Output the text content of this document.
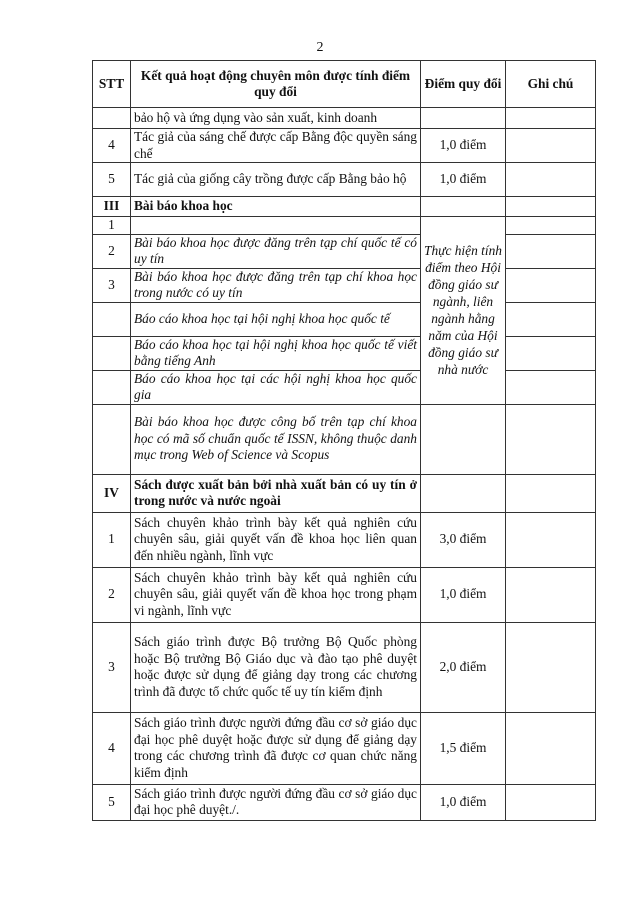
2
STT	Kết quả hoạt động chuyên môn được tính điểm quy đổi	Điểm quy đổi	Ghi chú
	bảo hộ và ứng dụng vào sản xuất, kinh doanh		
4	Tác giả của sáng chế được cấp Bằng độc quyền sáng chế	1,0 điểm	
5	Tác giả của giống cây trồng được cấp Bằng bảo hộ	1,0 điểm	
III	Bài báo khoa học		
1		Thực hiện tính điểm theo Hội đồng giáo sư ngành, liên ngành hằng năm của Hội đồng giáo sư nhà nước	
2	Bài báo khoa học được đăng trên tạp chí quốc tế có uy tín		
3	Bài báo khoa học được đăng trên tạp chí khoa học trong nước có uy tín		
	Báo cáo khoa học tại hội nghị khoa học quốc tế		
	Báo cáo khoa học tại hội nghị khoa học quốc tế viết bằng tiếng Anh		
	Báo cáo khoa học tại các hội nghị khoa học quốc gia		
	Bài báo khoa học được công bố trên tạp chí khoa học có mã số chuẩn quốc tế ISSN, không thuộc danh mục trong Web of Science và Scopus		
IV	Sách được xuất bản bởi nhà xuất bản có uy tín ở trong nước và nước ngoài		
1	Sách chuyên khảo trình bày kết quả nghiên cứu chuyên sâu, giải quyết vấn đề khoa học liên quan đến nhiều ngành, lĩnh vực	3,0 điểm	
2	Sách chuyên khảo trình bày kết quả nghiên cứu chuyên sâu, giải quyết vấn đề khoa học trong phạm vi ngành, lĩnh vực	1,0 điểm	
3	Sách giáo trình được Bộ trưởng Bộ Quốc phòng hoặc Bộ trưởng Bộ Giáo dục và đào tạo phê duyệt hoặc được sử dụng để giảng dạy trong các chương trình đã được tổ chức quốc tế uy tín kiểm định	2,0 điểm	
4	Sách giáo trình được người đứng đầu cơ sở giáo dục đại học phê duyệt hoặc được sử dụng để giảng dạy trong các chương trình đã được cơ quan chức năng kiểm định	1,5 điểm	
5	Sách giáo trình được người đứng đầu cơ sở giáo dục đại học phê duyệt./.	1,0 điểm	
